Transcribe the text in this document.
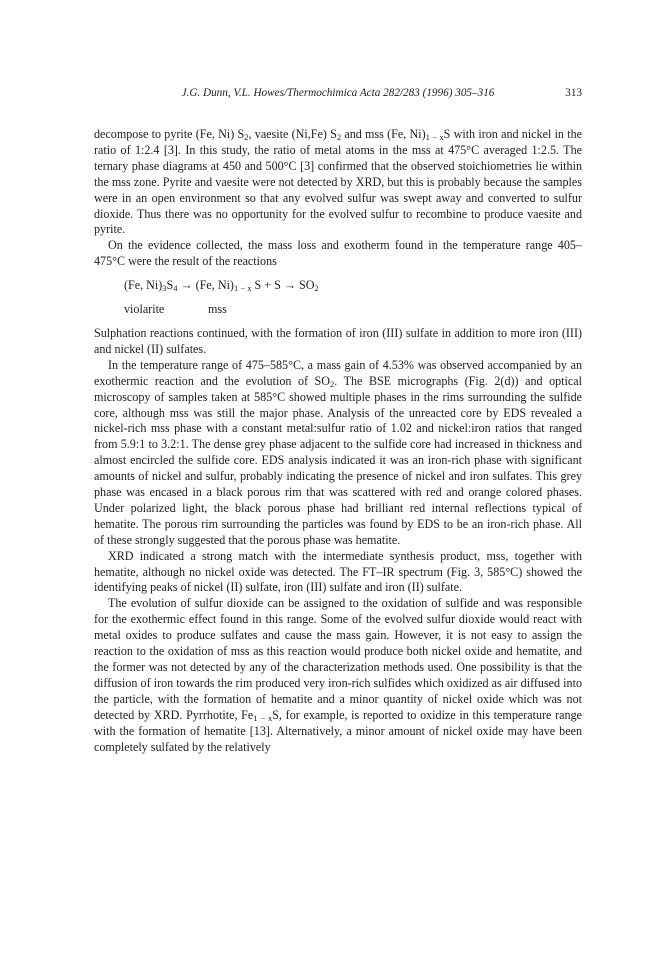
J.G. Dunn, V.L. Howes/Thermochimica Acta 282/283 (1996) 305–316	313

decompose to pyrite (Fe, Ni) $S_2$, vaesite (Ni,Fe) $S_2$ and mss (Fe, $Ni)_{1 - x}S$ with iron and nickel in the ratio of 1:2.4 [3]. In this study, the ratio of metal atoms in the mss at 475°C averaged 1:2.5. The ternary phase diagrams at 450 and 500°C [3] confirmed that the observed stoichiometries lie within the mss zone. Pyrite and vaesite were not detected by XRD, but this is probably because the samples were in an open environment so that any evolved sulfur was swept away and converted to sulfur dioxide. Thus there was no opportunity for the evolved sulfur to recombine to produce vaesite and pyrite.

On the evidence collected, the mass loss and exotherm found in the temperature range 405–475°C were the result of the reactions

(Fe, $Ni)_3S_4 \to (Fe$, $Ni)_{1 - x}$ $S + S \to SO_2$
violarite	mss

Sulphation reactions continued, with the formation of iron (III) sulfate in addition to more iron (III) and nickel (II) sulfates.

In the temperature range of 475–585°C, a mass gain of 4.53% was observed accompanied by an exothermic reaction and the evolution of $SO_2$. The BSE micrographs (Fig. 2(d)) and optical microscopy of samples taken at 585°C showed multiple phases in the rims surrounding the sulfide core, although mss was still the major phase. Analysis of the unreacted core by EDS revealed a nickel-rich mss phase with a constant metal:sulfur ratio of 1.02 and nickel:iron ratios that ranged from 5.9:1 to 3.2:1. The dense grey phase adjacent to the sulfide core had increased in thickness and almost encircled the sulfide core. EDS analysis indicated it was an iron-rich phase with significant amounts of nickel and sulfur, probably indicating the presence of nickel and iron sulfates. This grey phase was encased in a black porous rim that was scattered with red and orange colored phases. Under polarized light, the black porous phase had brilliant red internal reflections typical of hematite. The porous rim surrounding the particles was found by EDS to be an iron-rich phase. All of these strongly suggested that the porous phase was hematite.

XRD indicated a strong match with the intermediate synthesis product, mss, together with hematite, although no nickel oxide was detected. The FT–IR spectrum (Fig. 3, 585°C) showed the identifying peaks of nickel (II) sulfate, iron (III) sulfate and iron (II) sulfate.

The evolution of sulfur dioxide can be assigned to the oxidation of sulfide and was responsible for the exothermic effect found in this range. Some of the evolved sulfur dioxide would react with metal oxides to produce sulfates and cause the mass gain. However, it is not easy to assign the reaction to the oxidation of mss as this reaction would produce both nickel oxide and hematite, and the former was not detected by any of the characterization methods used. One possibility is that the diffusion of iron towards the rim produced very iron-rich sulfides which oxidized as air diffused into the particle, with the formation of hematite and a minor quantity of nickel oxide which was not detected by XRD. Pyrrhotite, $Fe_{1 - x}S$, for example, is reported to oxidize in this temperature range with the formation of hematite [13]. Alternatively, a minor amount of nickel oxide may have been completely sulfated by the relatively
